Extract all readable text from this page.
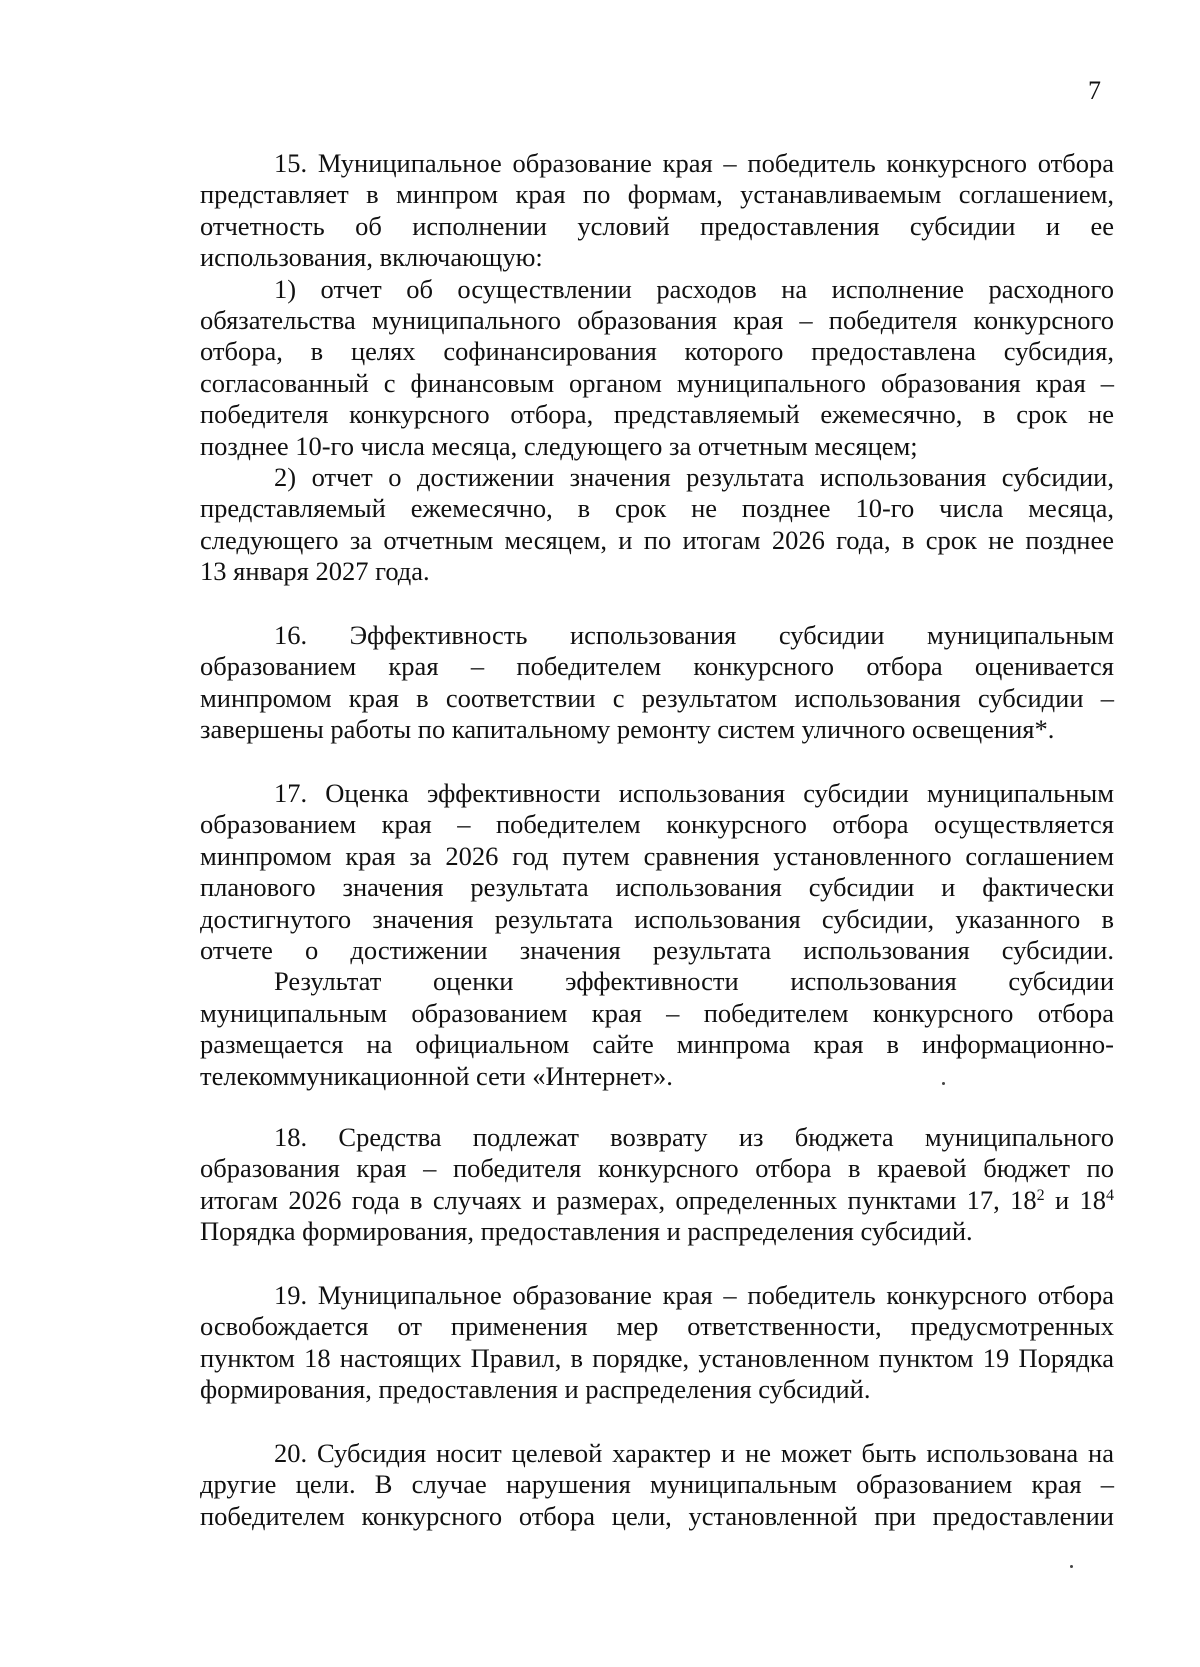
7
15. Муниципальное образование края – победитель конкурсного отбора
представляет в минпром края по формам, устанавливаемым соглашением,
отчетность об исполнении условий предоставления субсидии и ее
использования, включающую:
1) отчет об осуществлении расходов на исполнение расходного
обязательства муниципального образования края – победителя конкурсного
отбора, в целях софинансирования которого предоставлена субсидия,
согласованный с финансовым органом муниципального образования края –
победителя конкурсного отбора, представляемый ежемесячно, в срок не
позднее 10-го числа месяца, следующего за отчетным месяцем;
2) отчет о достижении значения результата использования субсидии,
представляемый ежемесячно, в срок не позднее 10-го числа месяца,
следующего за отчетным месяцем, и по итогам 2026 года, в срок не позднее
13 января 2027 года.
16. Эффективность использования субсидии муниципальным
образованием края – победителем конкурсного отбора оценивается
минпромом края в соответствии с результатом использования субсидии –
завершены работы по капитальному ремонту систем уличного освещения*.
17. Оценка эффективности использования субсидии муниципальным
образованием края – победителем конкурсного отбора осуществляется
минпромом края за 2026 год путем сравнения установленного соглашением
планового значения результата использования субсидии и фактически
достигнутого значения результата использования субсидии, указанного в
отчете о достижении значения результата использования субсидии.
Результат оценки эффективности использования субсидии
муниципальным образованием края – победителем конкурсного отбора
размещается на официальном сайте минпрома края в информационно-
телекоммуникационной сети «Интернет».
18. Средства подлежат возврату из бюджета муниципального
образования края – победителя конкурсного отбора в краевой бюджет по
итогам 2026 года в случаях и размерах, определенных пунктами 17, $18^2$ и $18^4$
Порядка формирования, предоставления и распределения субсидий.
19. Муниципальное образование края – победитель конкурсного отбора
освобождается от применения мер ответственности, предусмотренных
пунктом 18 настоящих Правил, в порядке, установленном пунктом 19 Порядка
формирования, предоставления и распределения субсидий.
20. Субсидия носит целевой характер и не может быть использована на
другие цели. В случае нарушения муниципальным образованием края –
победителем конкурсного отбора цели, установленной при предоставлении
